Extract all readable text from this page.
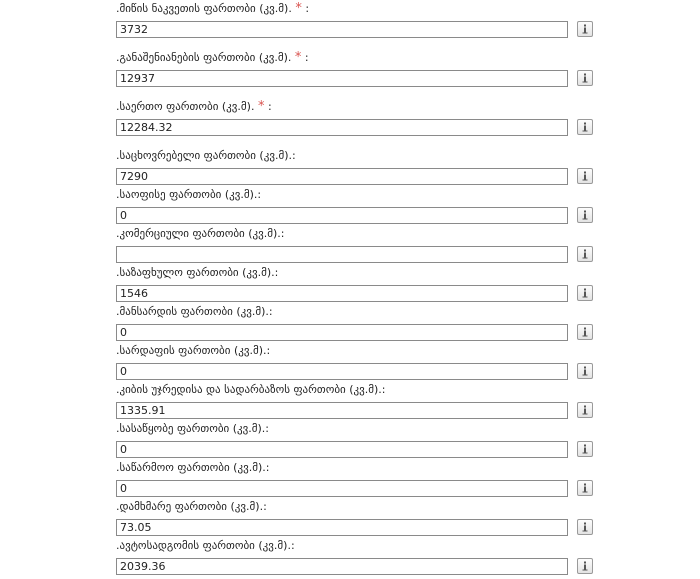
.მიწის ნაკვეთის ფართობი (კვ.მ). * :
3732
.განაშენიანების ფართობი (კვ.მ). * :
12937
.საერთო ფართობი (კვ.მ). * :
12284.32
.საცხოვრებელი ფართობი (კვ.მ).:
7290
.საოფისე ფართობი (კვ.მ).:
0
.კომერციული ფართობი (კვ.მ).:
.საზაფხულო ფართობი (კვ.მ).:
1546
.მანსარდის ფართობი (კვ.მ).:
0
.სარდაფის ფართობი (კვ.მ).:
0
.კიბის უჯრედისა და სადარბაზოს ფართობი (კვ.მ).:
1335.91
.სასაწყობე ფართობი (კვ.მ).:
0
.საწარმოო ფართობი (კვ.მ).:
0
.დამხმარე ფართობი (კვ.მ).:
73.05
.ავტოსადგომის ფართობი (კვ.მ).:
2039.36
